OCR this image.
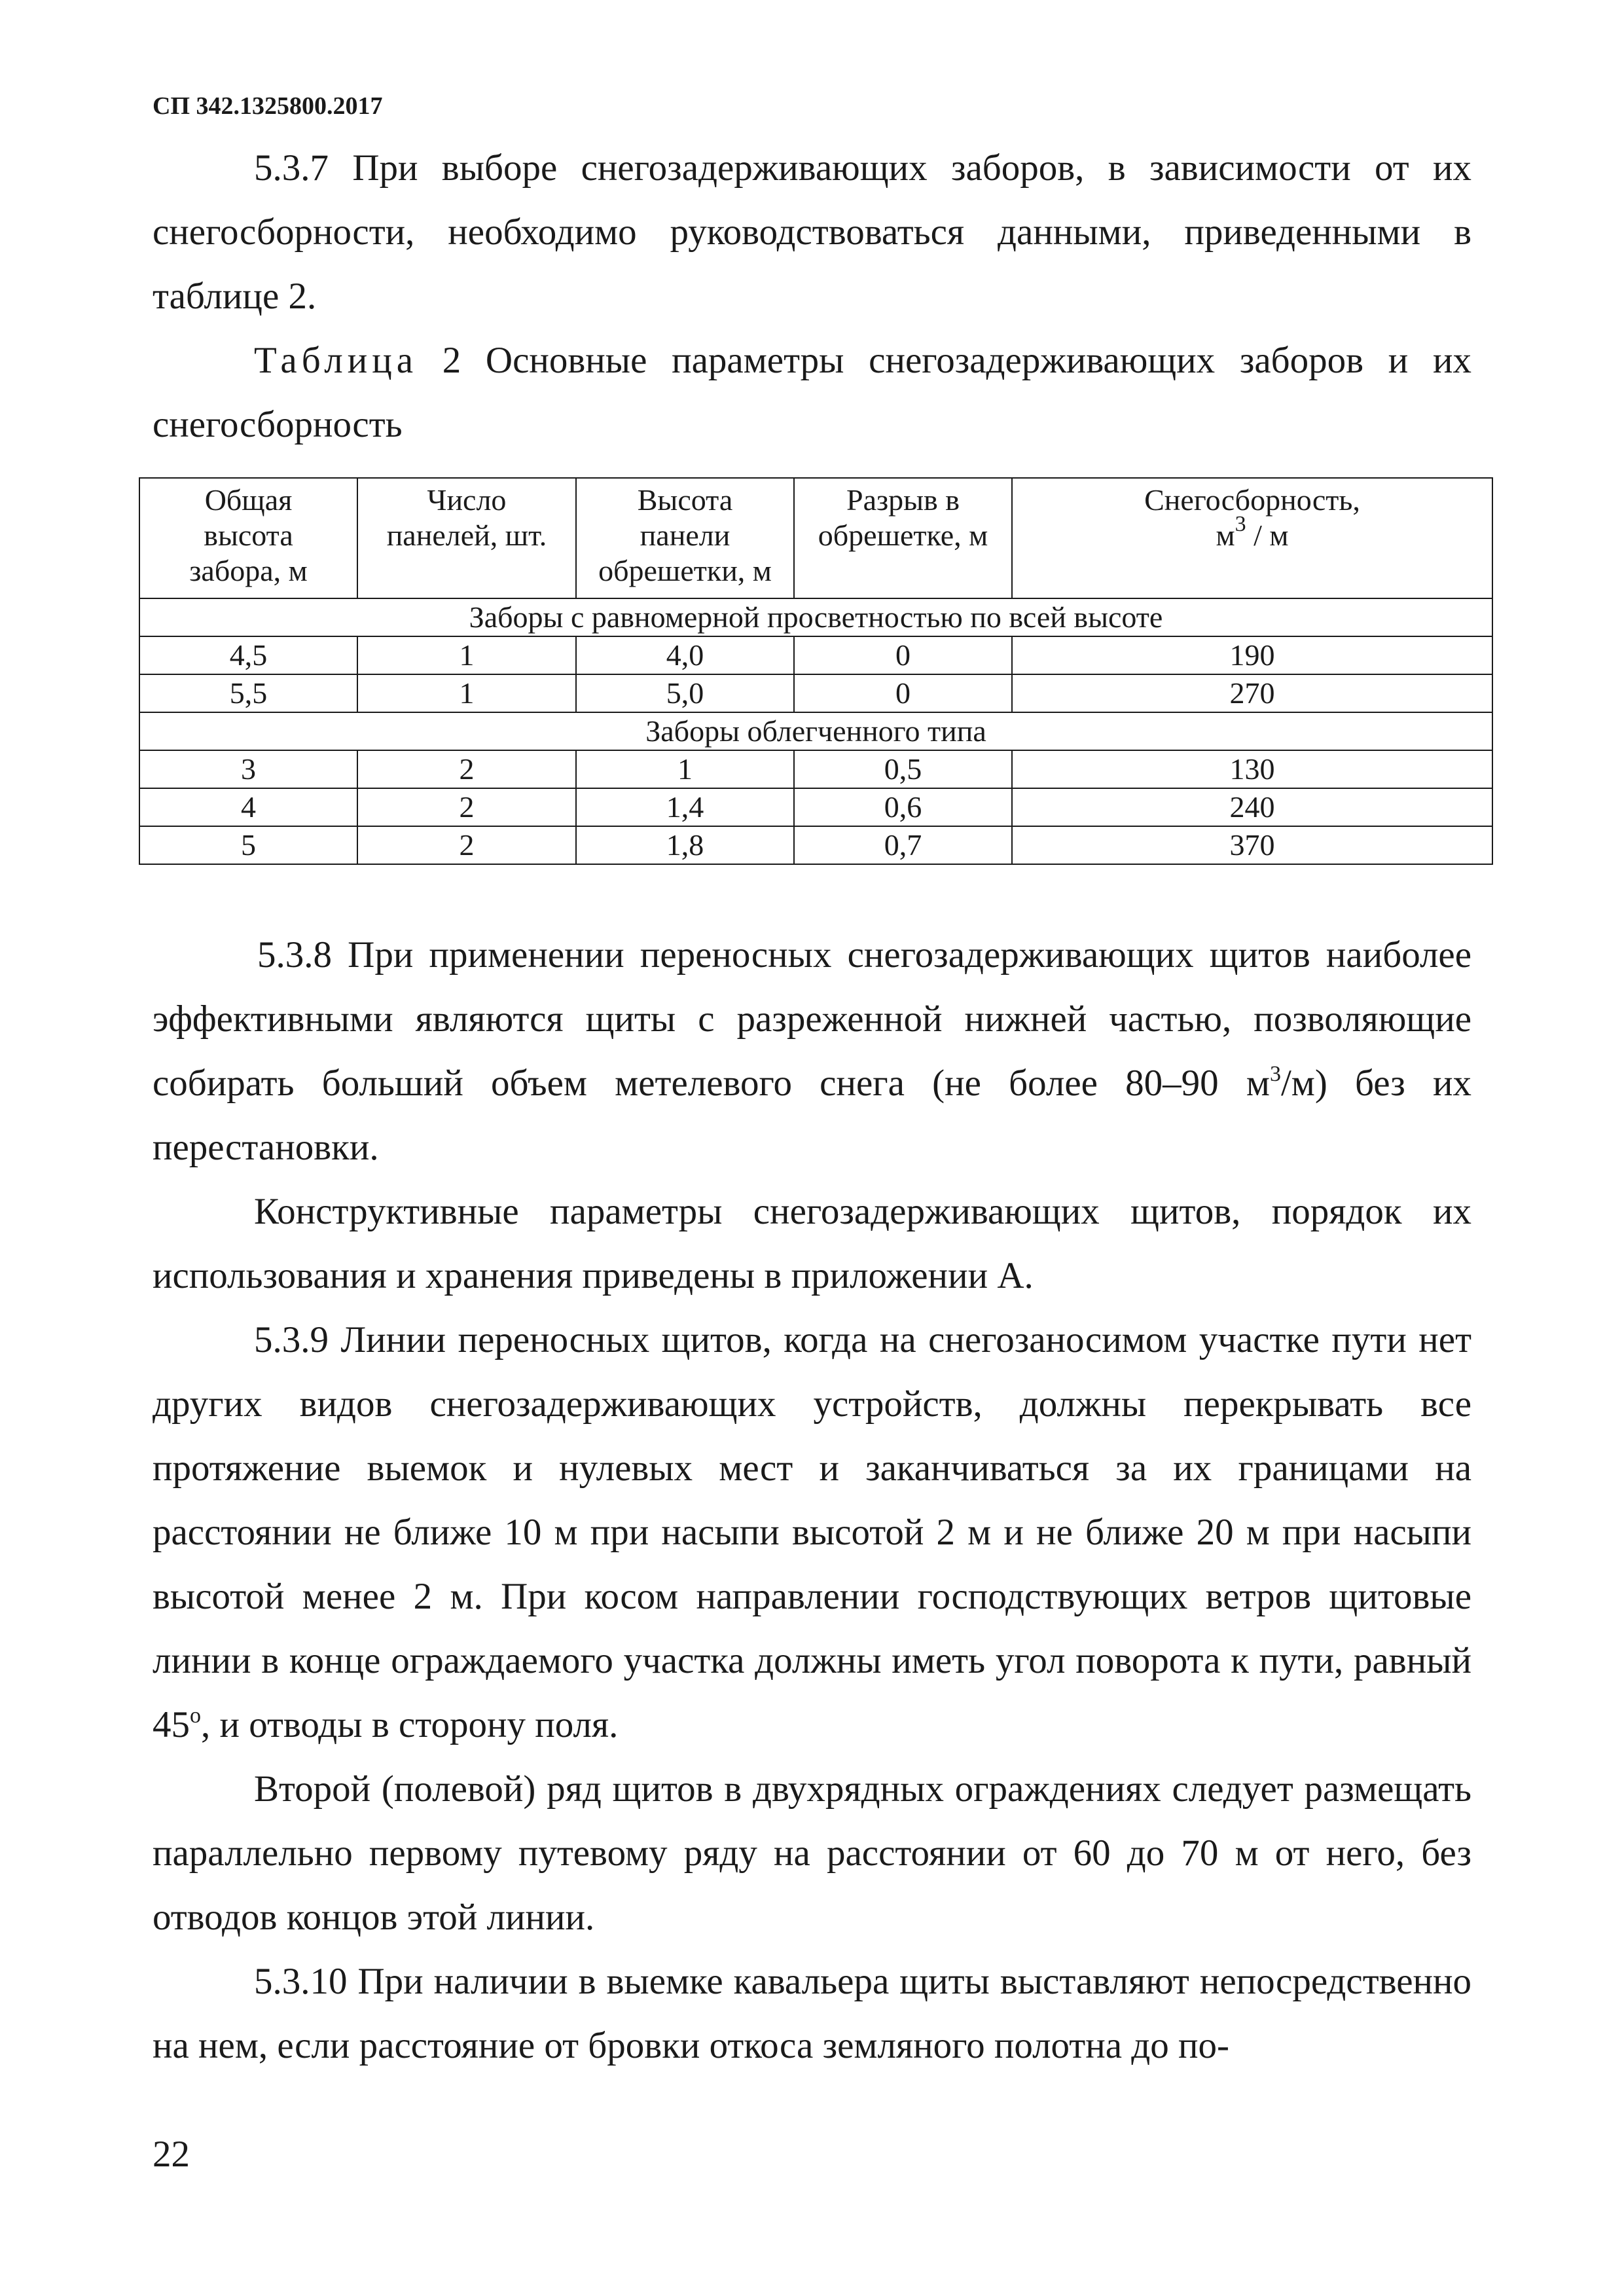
СП 342.1325800.2017

5.3.7 При выборе снегозадерживающих заборов, в зависимости от их снегосборности, необходимо руководствоваться данными, приведенными в таблице 2.

Таблица 2 Основные параметры снегозадерживающих заборов и их снегосборность

Общая
высота
забора, м	Число
панелей, шт.	Высота
панели
обрешетки, м	Разрыв в
обрешетке, м	Снегосборность,
$м^3$ / м

Заборы с равномерной просветностью по всей высоте				
4,5	1	4,0	0	190
5,5	1	5,0	0	270
Заборы облегченного типа				
3	2	1	0,5	130
4	2	1,4	0,6	240
5	2	1,8	0,7	370

5.3.8 При применении переносных снегозадерживающих щитов наиболее эффективными являются щиты с разреженной нижней частью, позволяющие собирать больший объем метелевого снега (не более 80–90 $м^3/м$) без их перестановки.

Конструктивные параметры снегозадерживающих щитов, порядок их использования и хранения приведены в приложении А.

5.3.9 Линии переносных щитов, когда на снегозаносимом участке пути нет других видов снегозадерживающих устройств, должны перекрывать все протяжение выемок и нулевых мест и заканчиваться за их границами на расстоянии не ближе 10 м при насыпи высотой 2 м и не ближе 20 м при насыпи высотой менее 2 м. При косом направлении господствующих ветров щитовые линии в конце ограждаемого участка должны иметь угол поворота к пути, равный $45^о$, и отводы в сторону поля.

Второй (полевой) ряд щитов в двухрядных ограждениях следует размещать параллельно первому путевому ряду на расстоянии от 60 до 70 м от него, без отводов концов этой линии.

5.3.10 При наличии в выемке кавальера щиты выставляют непосредственно на нем, если расстояние от бровки откоса земляного полотна до по-

22
